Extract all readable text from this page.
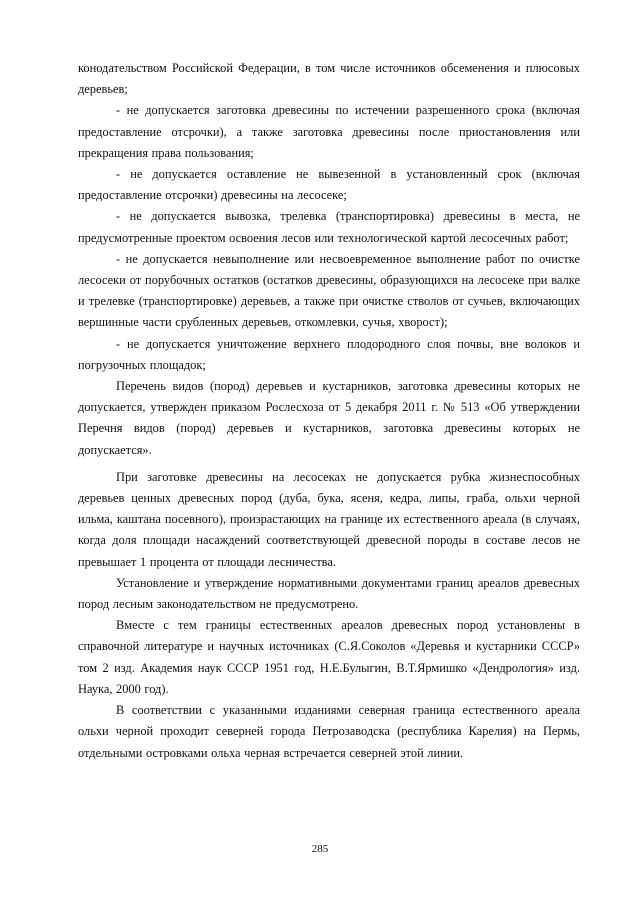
конодательством Российской Федерации, в том числе источников обсеменения и плюсовых деревьев;

- не допускается заготовка древесины по истечении разрешенного срока (включая предоставление отсрочки), а также заготовка древесины после приостановления или прекращения права пользования;

- не допускается оставление не вывезенной в установленный срок (включая предоставление отсрочки) древесины на лесосеке;

- не допускается вывозка, трелевка (транспортировка) древесины в места, не предусмотренные проектом освоения лесов или технологической картой лесосечных работ;

- не допускается невыполнение или несвоевременное выполнение работ по очистке лесосеки от порубочных остатков (остатков древесины, образующихся на лесосеке при валке и трелевке (транспортировке) деревьев, а также при очистке стволов от сучьев, включающих вершинные части срубленных деревьев, откомлевки, сучья, хворост);

- не допускается уничтожение верхнего плодородного слоя почвы, вне волоков и погрузочных площадок;

Перечень видов (пород) деревьев и кустарников, заготовка древесины которых не допускается, утвержден приказом Рослесхоза от 5 декабря 2011 г. № 513 «Об утверждении Перечня видов (пород) деревьев и кустарников, заготовка древесины которых не допускается».

При заготовке древесины на лесосеках не допускается рубка жизнеспособных деревьев ценных древесных пород (дуба, бука, ясеня, кедра, липы, граба, ольхи черной ильма, каштана посевного), произрастающих на границе их естественного ареала (в случаях, когда доля площади насаждений соответствующей древесной породы в составе лесов не превышает 1 процента от площади лесничества.

Установление и утверждение нормативными документами границ ареалов древесных пород лесным законодательством не предусмотрено.

Вместе с тем границы естественных ареалов древесных пород установлены в справочной литературе и научных источниках (С.Я.Соколов «Деревья и кустарники СССР» том 2 изд. Академия наук СССР 1951 год, Н.Е.Булыгин, В.Т.Ярмишко «Дендрология» изд. Наука, 2000 год).

В соответствии с указанными изданиями северная граница естественного ареала ольхи черной проходит северней города Петрозаводска (республика Карелия) на Пермь, отдельными островками ольха черная встречается северней этой линии.

285
